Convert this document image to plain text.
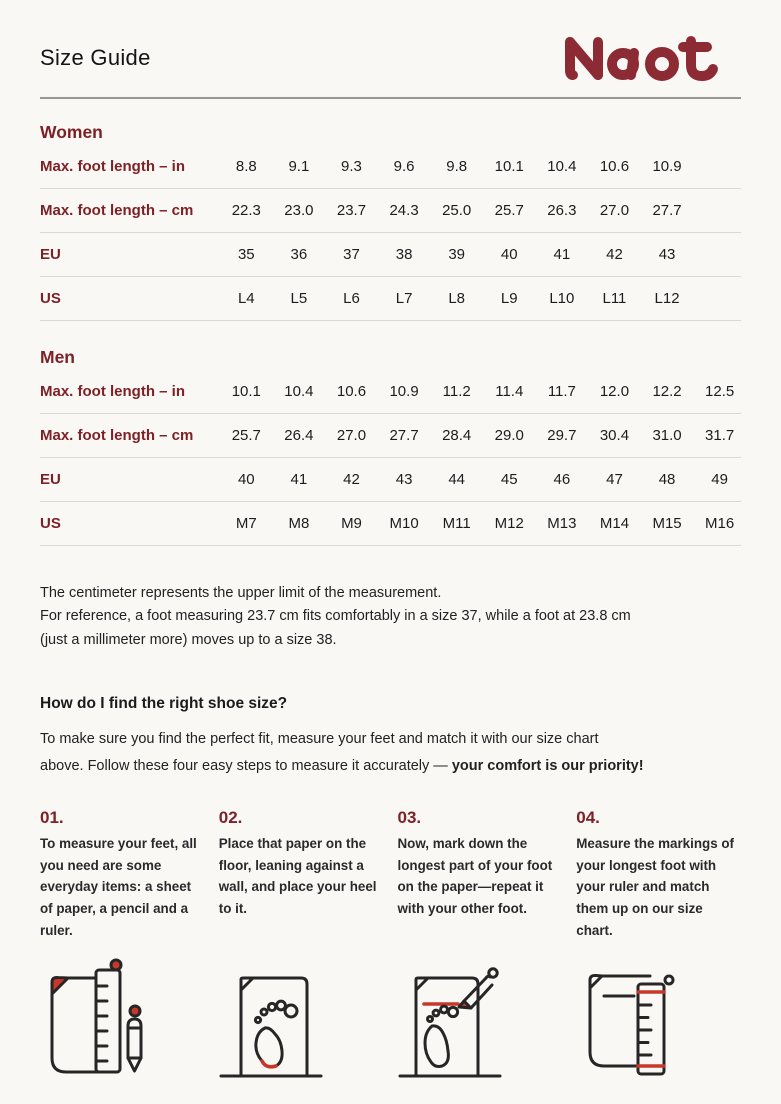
Size Guide
Women
Max. foot length – in	8.8	9.1	9.3	9.6	9.8	10.1	10.4	10.6	10.9
Max. foot length – cm	22.3	23.0	23.7	24.3	25.0	25.7	26.3	27.0	27.7
EU	35	36	37	38	39	40	41	42	43
US	L4	L5	L6	L7	L8	L9	L10	L11	L12
Men
Max. foot length – in	10.1	10.4	10.6	10.9	11.2	11.4	11.7	12.0	12.2	12.5
Max. foot length – cm	25.7	26.4	27.0	27.7	28.4	29.0	29.7	30.4	31.0	31.7
EU	40	41	42	43	44	45	46	47	48	49
US	M7	M8	M9	M10	M11	M12	M13	M14	M15	M16
The centimeter represents the upper limit of the measurement.
For reference, a foot measuring 23.7 cm fits comfortably in a size 37, while a foot at 23.8 cm
(just a millimeter more) moves up to a size 38.
How do I find the right shoe size?
To make sure you find the perfect fit, measure your feet and match it with our size chart
above. Follow these four easy steps to measure it accurately — your comfort is our priority!
01.
To measure your feet, all you need are some everyday items: a sheet of paper, a pencil and a ruler.
02.
Place that paper on the floor, leaning against a wall, and place your heel to it.
03.
Now, mark down the longest part of your foot on the paper—repeat it with your other foot.
04.
Measure the markings of your longest foot with your ruler and match them up on our size chart.
